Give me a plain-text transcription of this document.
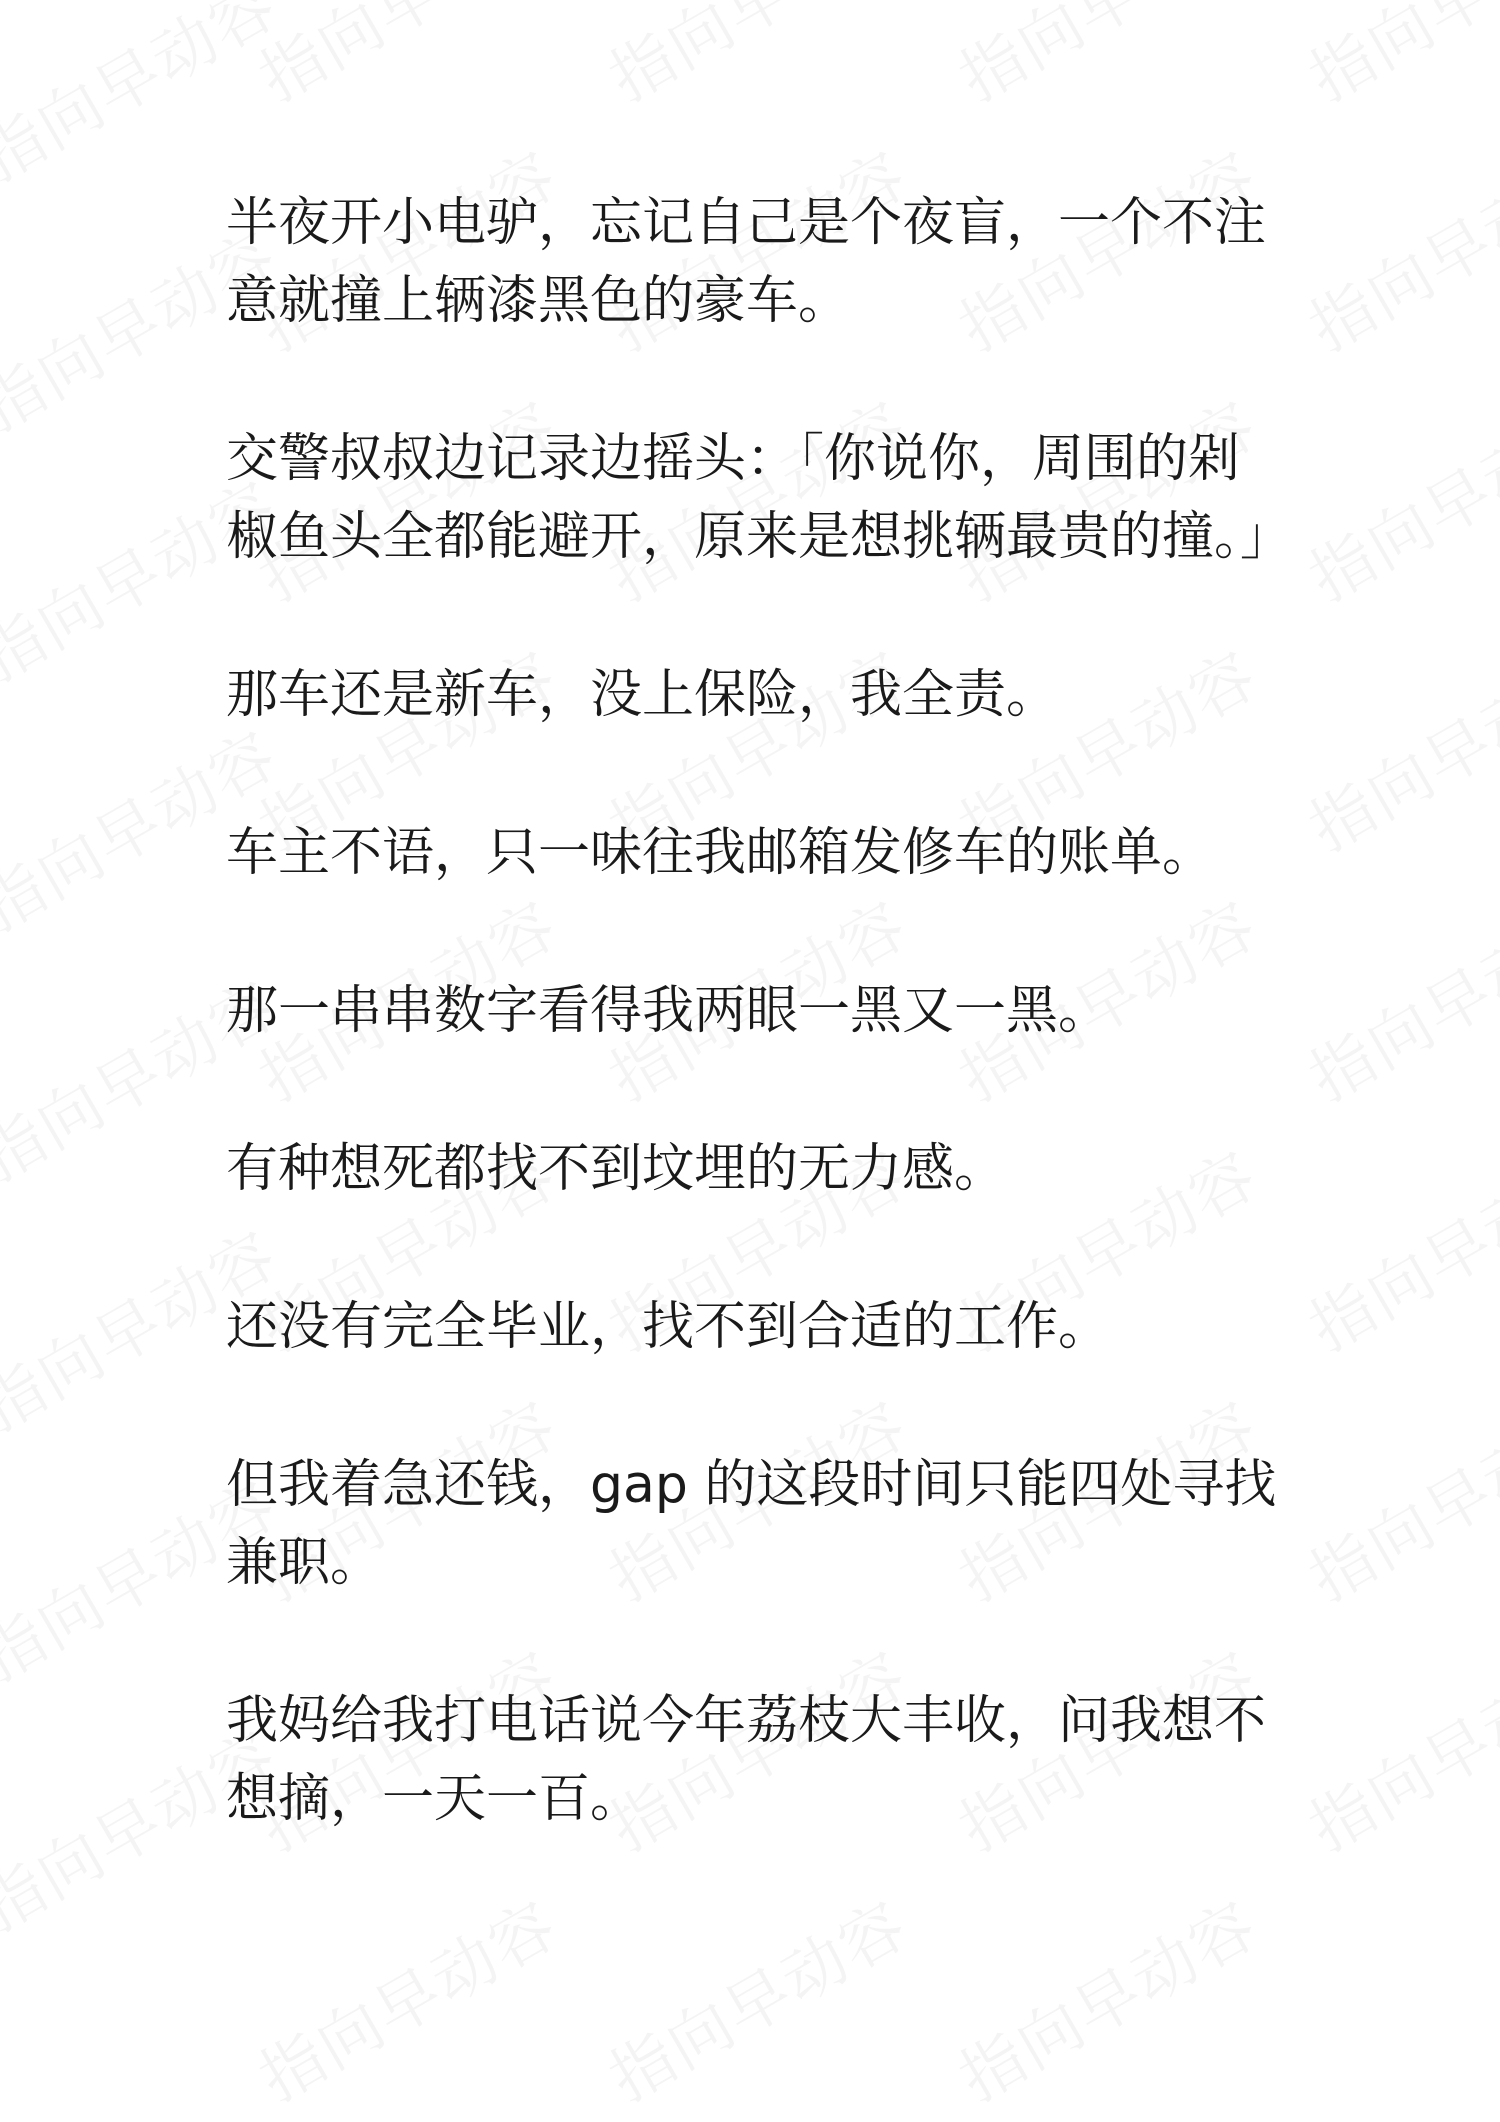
半夜开小电驴，忘记自己是个夜盲，一个不注意就撞上辆漆黑色的豪车。

交警叔叔边记录边摇头：「你说你，周围的剁椒鱼头全都能避开，原来是想挑辆最贵的撞。」

那车还是新车，没上保险，我全责。

车主不语，只一味往我邮箱发修车的账单。

那一串串数字看得我两眼一黑又一黑。

有种想死都找不到坟埋的无力感。

还没有完全毕业，找不到合适的工作。

但我着急还钱，gap 的这段时间只能四处寻找兼职。

我妈给我打电话说今年荔枝大丰收，问我想不想摘，一天一百。
